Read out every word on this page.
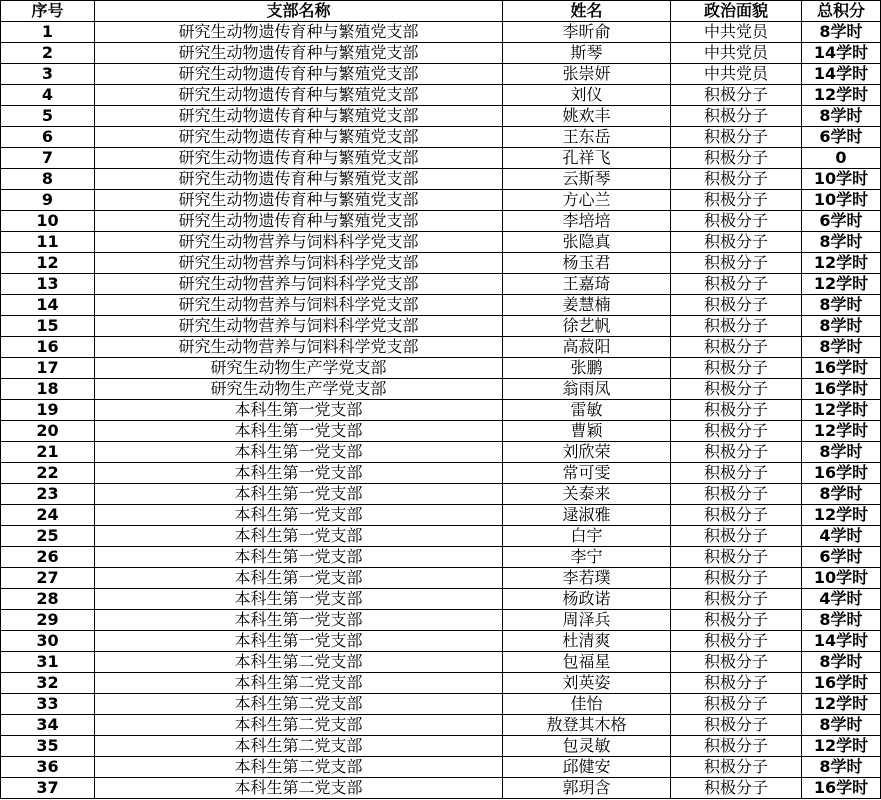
序号	支部名称	姓名	政治面貌	总积分
1	研究生动物遗传育种与繁殖党支部	李昕俞	中共党员	8学时
2	研究生动物遗传育种与繁殖党支部	斯琴	中共党员	14学时
3	研究生动物遗传育种与繁殖党支部	张崇妍	中共党员	14学时
4	研究生动物遗传育种与繁殖党支部	刘仪	积极分子	12学时
5	研究生动物遗传育种与繁殖党支部	姚欢丰	积极分子	8学时
6	研究生动物遗传育种与繁殖党支部	王东岳	积极分子	6学时
7	研究生动物遗传育种与繁殖党支部	孔祥飞	积极分子	0
8	研究生动物遗传育种与繁殖党支部	云斯琴	积极分子	10学时
9	研究生动物遗传育种与繁殖党支部	方心兰	积极分子	10学时
10	研究生动物遗传育种与繁殖党支部	李培培	积极分子	6学时
11	研究生动物营养与饲料科学党支部	张隐真	积极分子	8学时
12	研究生动物营养与饲料科学党支部	杨玉君	积极分子	12学时
13	研究生动物营养与饲料科学党支部	王嘉琦	积极分子	12学时
14	研究生动物营养与饲料科学党支部	姜慧楠	积极分子	8学时
15	研究生动物营养与饲料科学党支部	徐艺帆	积极分子	8学时
16	研究生动物营养与饲料科学党支部	高菽阳	积极分子	8学时
17	研究生动物生产学党支部	张鹏	积极分子	16学时
18	研究生动物生产学党支部	翁雨凤	积极分子	16学时
19	本科生第一党支部	雷敏	积极分子	12学时
20	本科生第一党支部	曹颖	积极分子	12学时
21	本科生第一党支部	刘欣荣	积极分子	8学时
22	本科生第一党支部	常可雯	积极分子	16学时
23	本科生第一党支部	关泰来	积极分子	8学时
24	本科生第一党支部	逯淑雅	积极分子	12学时
25	本科生第一党支部	白宇	积极分子	4学时
26	本科生第一党支部	李宁	积极分子	6学时
27	本科生第一党支部	李若璞	积极分子	10学时
28	本科生第一党支部	杨政诺	积极分子	4学时
29	本科生第一党支部	周泽兵	积极分子	8学时
30	本科生第一党支部	杜清爽	积极分子	14学时
31	本科生第二党支部	包福星	积极分子	8学时
32	本科生第二党支部	刘英姿	积极分子	16学时
33	本科生第二党支部	佳怡	积极分子	12学时
34	本科生第二党支部	敖登其木格	积极分子	8学时
35	本科生第二党支部	包灵敏	积极分子	12学时
36	本科生第二党支部	邱健安	积极分子	8学时
37	本科生第二党支部	郭玥含	积极分子	16学时
